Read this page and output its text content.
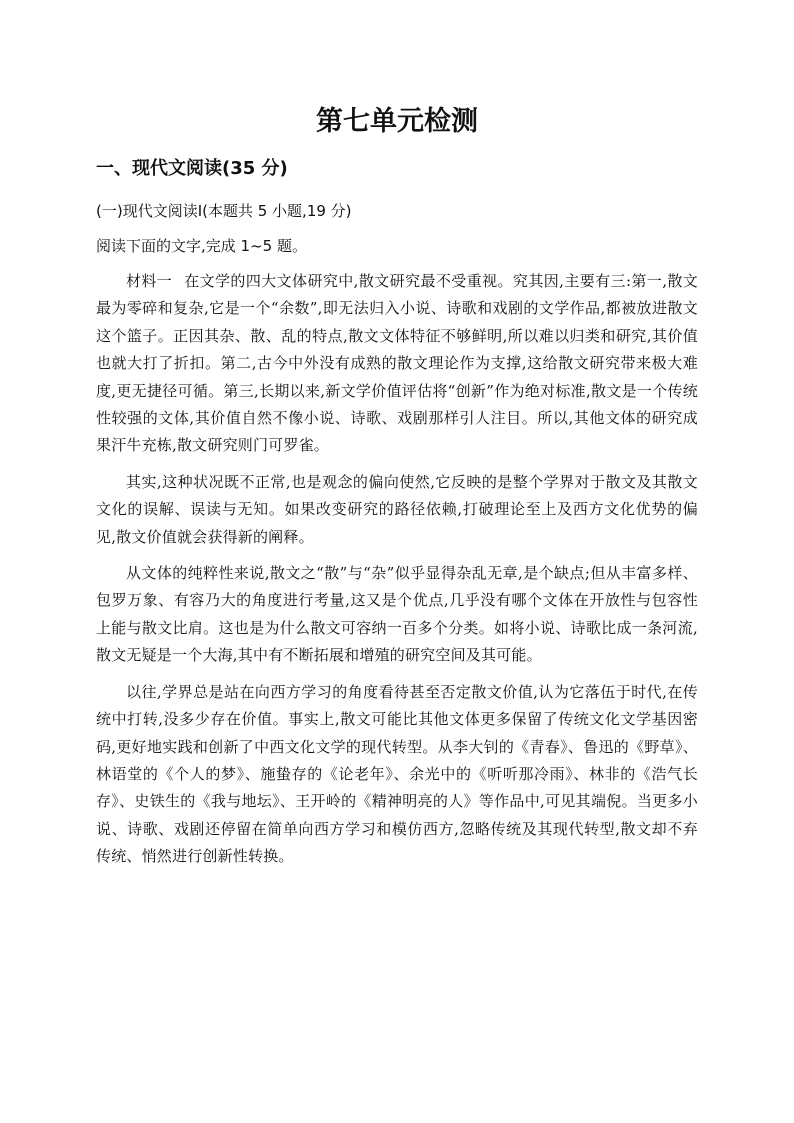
第七单元检测
一、现代文阅读(35 分)
(一)现代文阅读Ⅰ(本题共 5 小题,19 分)
阅读下面的文字,完成 1~5 题。

材料一 在文学的四大文体研究中,散文研究最不受重视。究其因,主要有三:第一,散文最为零碎和复杂,它是一个“余数”,即无法归入小说、诗歌和戏剧的文学作品,都被放进散文这个篮子。正因其杂、散、乱的特点,散文文体特征不够鲜明,所以难以归类和研究,其价值也就大打了折扣。第二,古今中外没有成熟的散文理论作为支撑,这给散文研究带来极大难度,更无捷径可循。第三,长期以来,新文学价值评估将“创新”作为绝对标准,散文是一个传统性较强的文体,其价值自然不像小说、诗歌、戏剧那样引人注目。所以,其他文体的研究成果汗牛充栋,散文研究则门可罗雀。

其实,这种状况既不正常,也是观念的偏向使然,它反映的是整个学界对于散文及其散文文化的误解、误读与无知。如果改变研究的路径依赖,打破理论至上及西方文化优势的偏见,散文价值就会获得新的阐释。

从文体的纯粹性来说,散文之“散”与“杂”似乎显得杂乱无章,是个缺点;但从丰富多样、包罗万象、有容乃大的角度进行考量,这又是个优点,几乎没有哪个文体在开放性与包容性上能与散文比肩。这也是为什么散文可容纳一百多个分类。如将小说、诗歌比成一条河流,散文无疑是一个大海,其中有不断拓展和增殖的研究空间及其可能。

以往,学界总是站在向西方学习的角度看待甚至否定散文价值,认为它落伍于时代,在传统中打转,没多少存在价值。事实上,散文可能比其他文体更多保留了传统文化文学基因密码,更好地实践和创新了中西文化文学的现代转型。从李大钊的《青春》、鲁迅的《野草》、林语堂的《个人的梦》、施蛰存的《论老年》、余光中的《听听那冷雨》、林非的《浩气长存》、史铁生的《我与地坛》、王开岭的《精神明亮的人》等作品中,可见其端倪。当更多小说、诗歌、戏剧还停留在简单向西方学习和模仿西方,忽略传统及其现代转型,散文却不弃传统、悄然进行创新性转换。
